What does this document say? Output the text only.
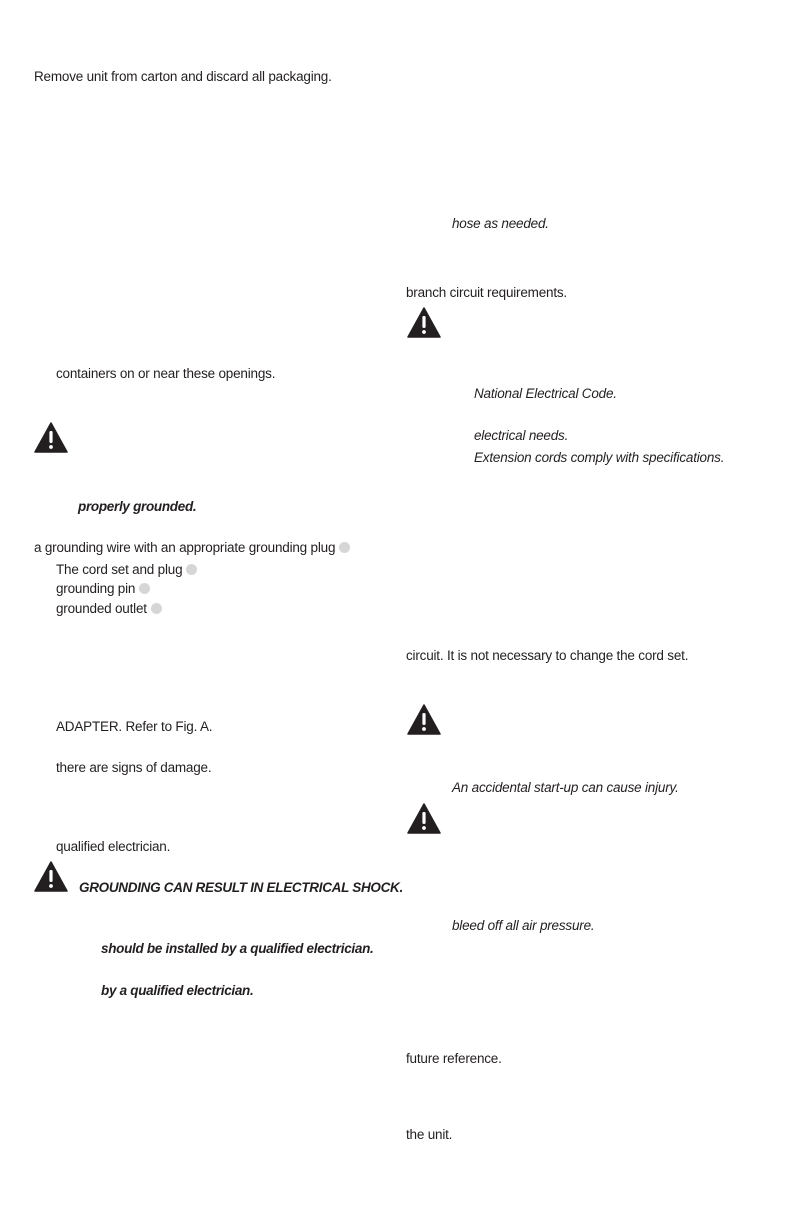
Remove unit from carton and discard all packaging.
containers on or near these openings.
properly grounded.
a grounding wire with an appropriate grounding plug
The cord set and plug
grounding pin
grounded outlet
ADAPTER. Refer to Fig. A.
there are signs of damage.
qualified electrician.
GROUNDING CAN RESULT IN ELECTRICAL SHOCK.
should be installed by a qualified electrician.
by a qualified electrician.
hose as needed.
branch circuit requirements.
National Electrical Code.
electrical needs.
Extension cords comply with specifications.
circuit. It is not necessary to change the cord set.
An accidental start-up can cause injury.
bleed off all air pressure.
future reference.
the unit.
